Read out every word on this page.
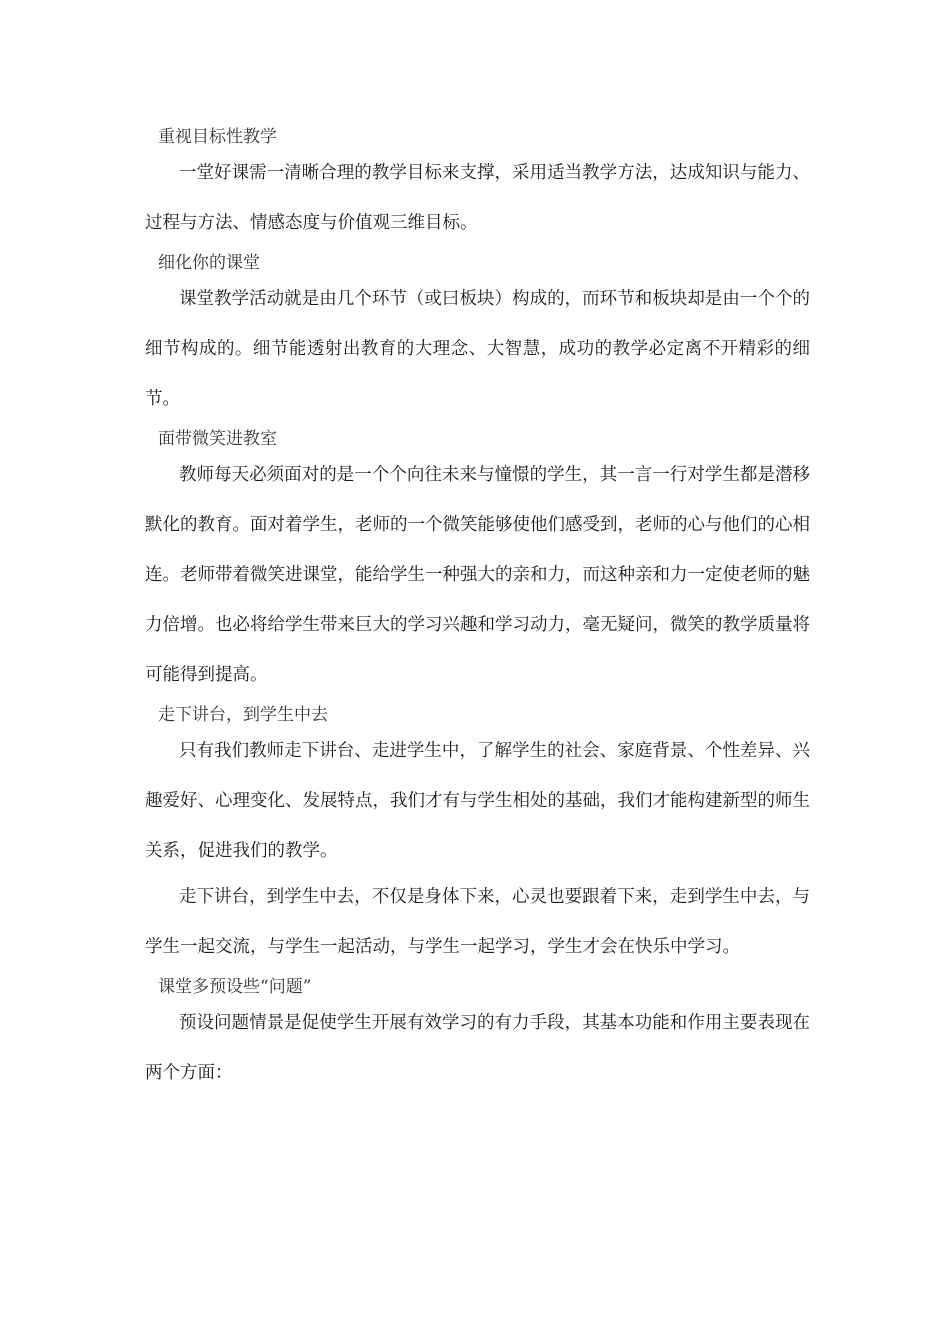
重视目标性教学

一堂好课需一清晰合理的教学目标来支撑，采用适当教学方法，达成知识与能力、过程与方法、情感态度与价值观三维目标。

细化你的课堂

课堂教学活动就是由几个环节（或曰板块）构成的，而环节和板块却是由一个个的细节构成的。细节能透射出教育的大理念、大智慧，成功的教学必定离不开精彩的细节。

面带微笑进教室

教师每天必须面对的是一个个向往未来与憧憬的学生，其一言一行对学生都是潜移默化的教育。面对着学生，老师的一个微笑能够使他们感受到，老师的心与他们的心相连。老师带着微笑进课堂，能给学生一种强大的亲和力，而这种亲和力一定使老师的魅力倍增。也必将给学生带来巨大的学习兴趣和学习动力，毫无疑问，微笑的教学质量将可能得到提高。

走下讲台，到学生中去

只有我们教师走下讲台、走进学生中，了解学生的社会、家庭背景、个性差异、兴趣爱好、心理变化、发展特点，我们才有与学生相处的基础，我们才能构建新型的师生关系，促进我们的教学。

走下讲台，到学生中去，不仅是身体下来，心灵也要跟着下来，走到学生中去，与学生一起交流，与学生一起活动，与学生一起学习，学生才会在快乐中学习。

课堂多预设些“问题”

预设问题情景是促使学生开展有效学习的有力手段，其基本功能和作用主要表现在两个方面：
